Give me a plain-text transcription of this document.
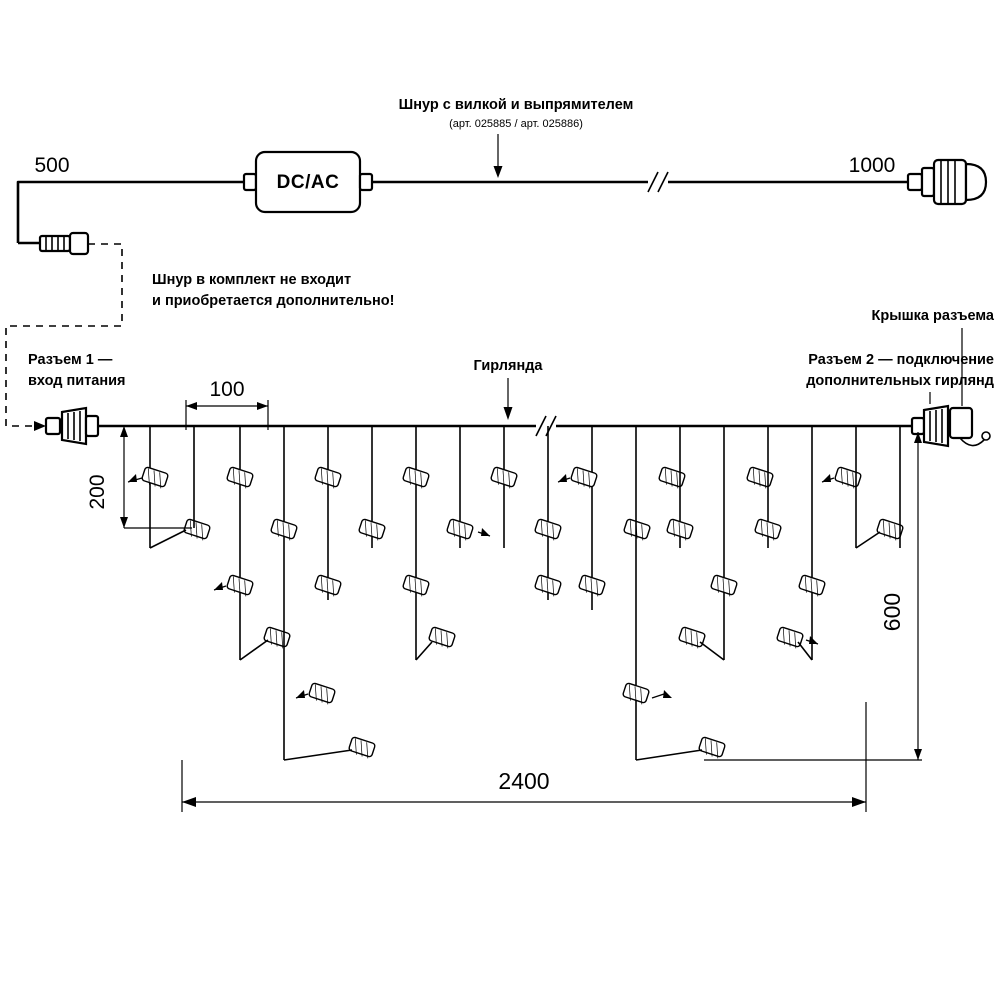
DC/AC
Шнур с вилкой и выпрямителем
(арт. 025885 / арт. 025886)
500	1000
Шнур в комплект не входит
и приобретается дополнительно!
Разъем 1 —
вход питания
Гирлянда	Разъем 2 — подключение
дополнительных гирлянд
Крышка разъема
100
200
600
2400
